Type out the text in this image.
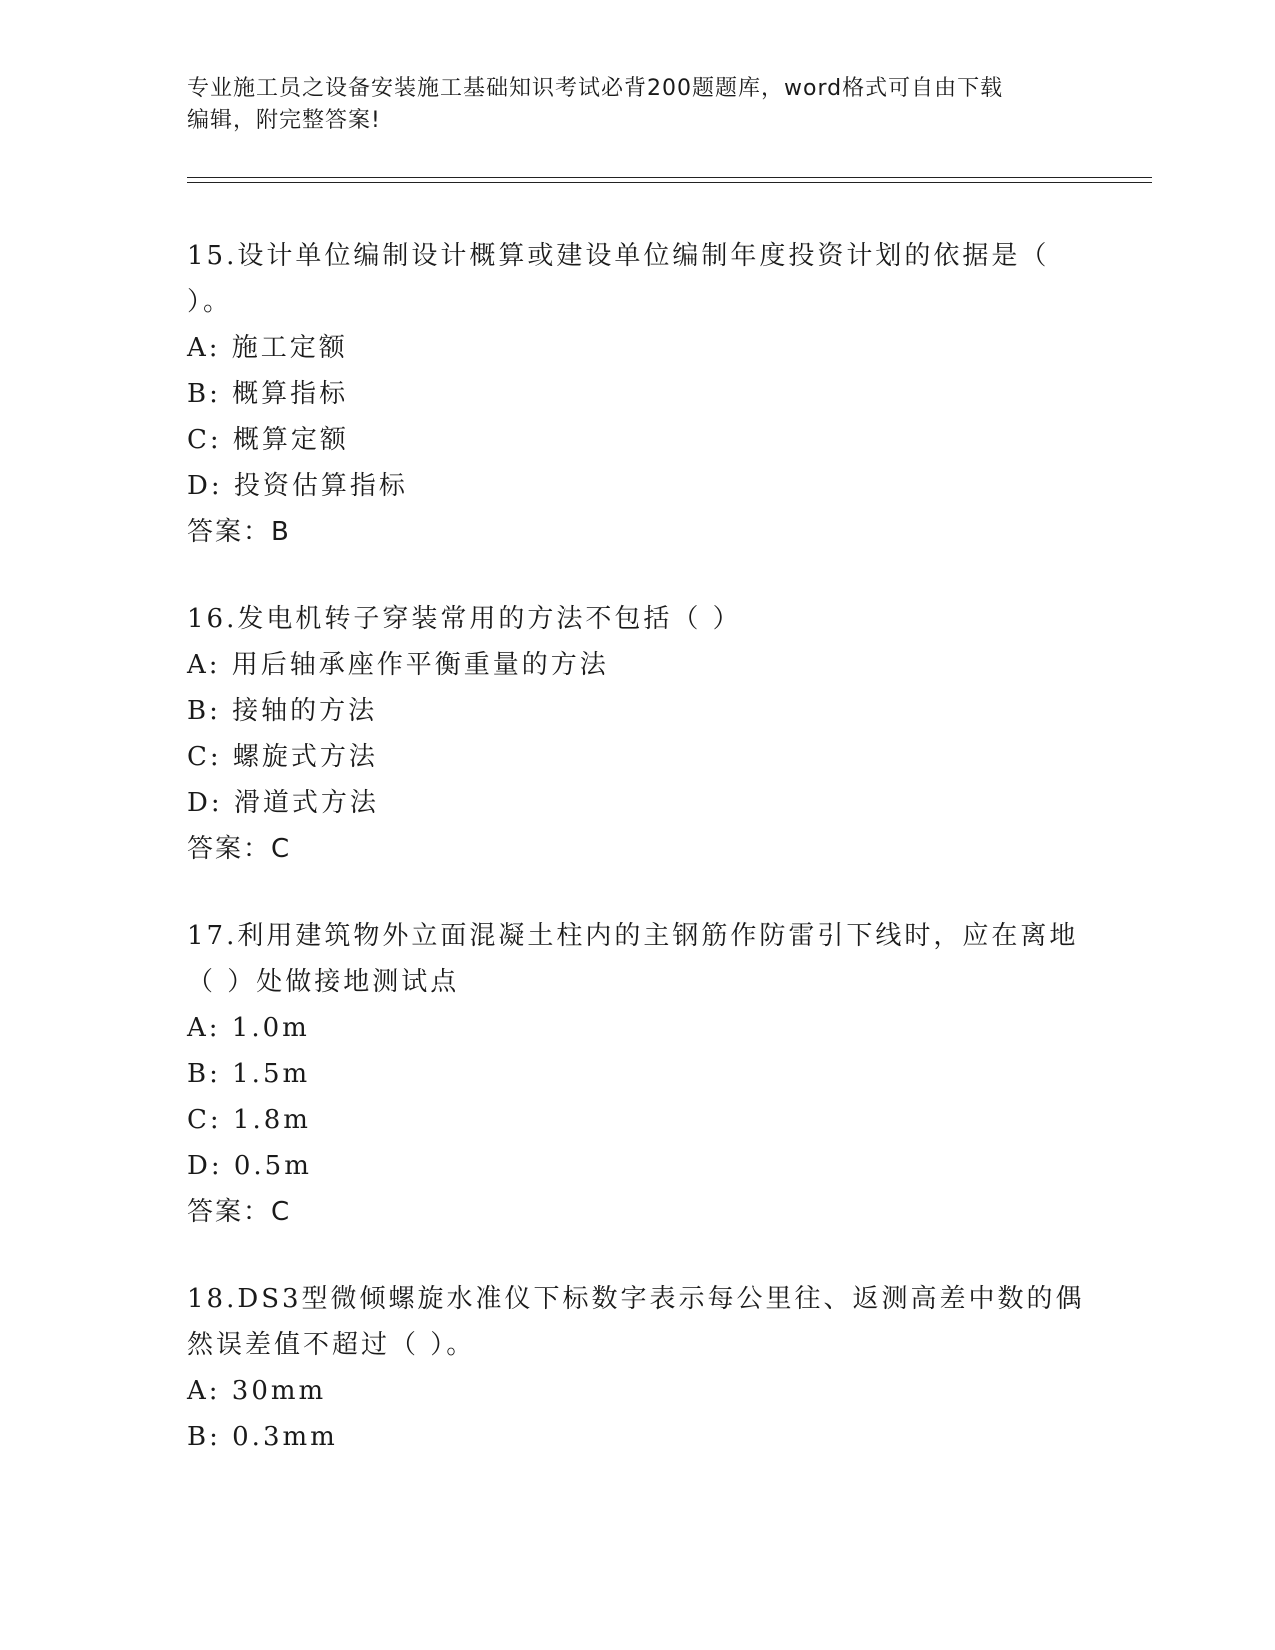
专业施工员之设备安装施工基础知识考试必背200题题库，word格式可自由下载
编辑，附完整答案!

15.设计单位编制设计概算或建设单位编制年度投资计划的依据是（

）。

A: 施工定额

B: 概算指标

C: 概算定额

D: 投资估算指标

答案：B

16.发电机转子穿装常用的方法不包括（ ）

A: 用后轴承座作平衡重量的方法

B: 接轴的方法

C: 螺旋式方法

D: 滑道式方法

答案：C

17.利用建筑物外立面混凝土柱内的主钢筋作防雷引下线时，应在离地

（ ）处做接地测试点

A: 1.0m

B: 1.5m

C: 1.8m

D: 0.5m

答案：C

18.DS3型微倾螺旋水准仪下标数字表示每公里往、返测高差中数的偶

然误差值不超过（ ）。

A: 30mm

B: 0.3mm
